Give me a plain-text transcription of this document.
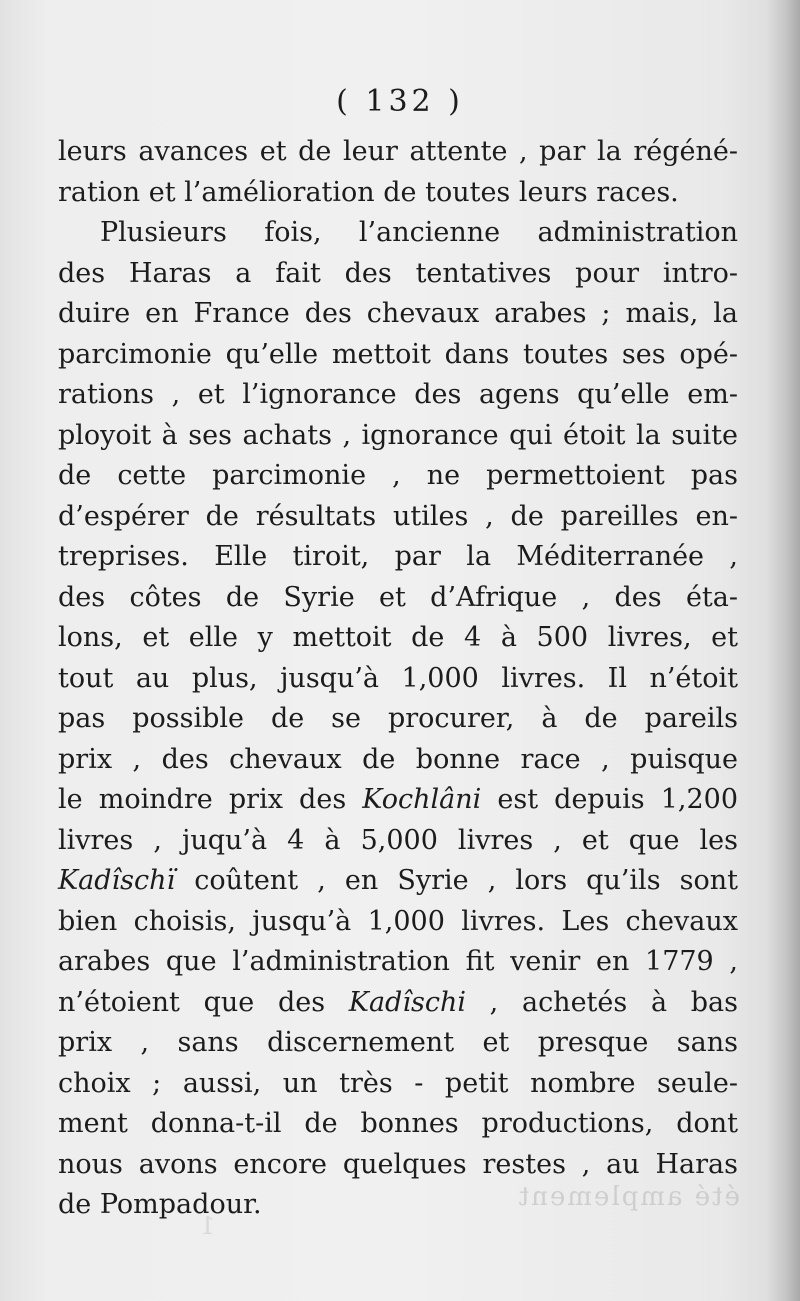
( 132 )
leurs avances et de leur attente , par la régéné-
ration et l’amélioration de toutes leurs races.
Plusieurs fois, l’ancienne administration
des Haras a fait des tentatives pour intro-
duire en France des chevaux arabes ; mais, la
parcimonie qu’elle mettoit dans toutes ses opé-
rations , et l’ignorance des agens qu’elle em-
ployoit à ses achats , ignorance qui étoit la suite
de cette parcimonie , ne permettoient pas
d’espérer de résultats utiles , de pareilles en-
treprises. Elle tiroit, par la Méditerranée ,
des côtes de Syrie et d’Afrique , des éta-
lons, et elle y mettoit de 4 à 500 livres, et
tout au plus, jusqu’à 1,000 livres. Il n’étoit
pas possible de se procurer, à de pareils
prix , des chevaux de bonne race , puisque
le moindre prix des Kochlâni est depuis 1,200
livres , juqu’à 4 à 5,000 livres , et que les
Kadîschï coûtent , en Syrie , lors qu’ils sont
bien choisis, jusqu’à 1,000 livres. Les chevaux
arabes que l’administration fit venir en 1779 ,
n’étoient que des Kadîschi , achetés à bas
prix , sans discernement et presque sans
choix ; aussi, un très - petit nombre seule-
ment donna-t-il de bonnes productions, dont
nous avons encore quelques restes , au Haras
de Pompadour.	été amplement
1
